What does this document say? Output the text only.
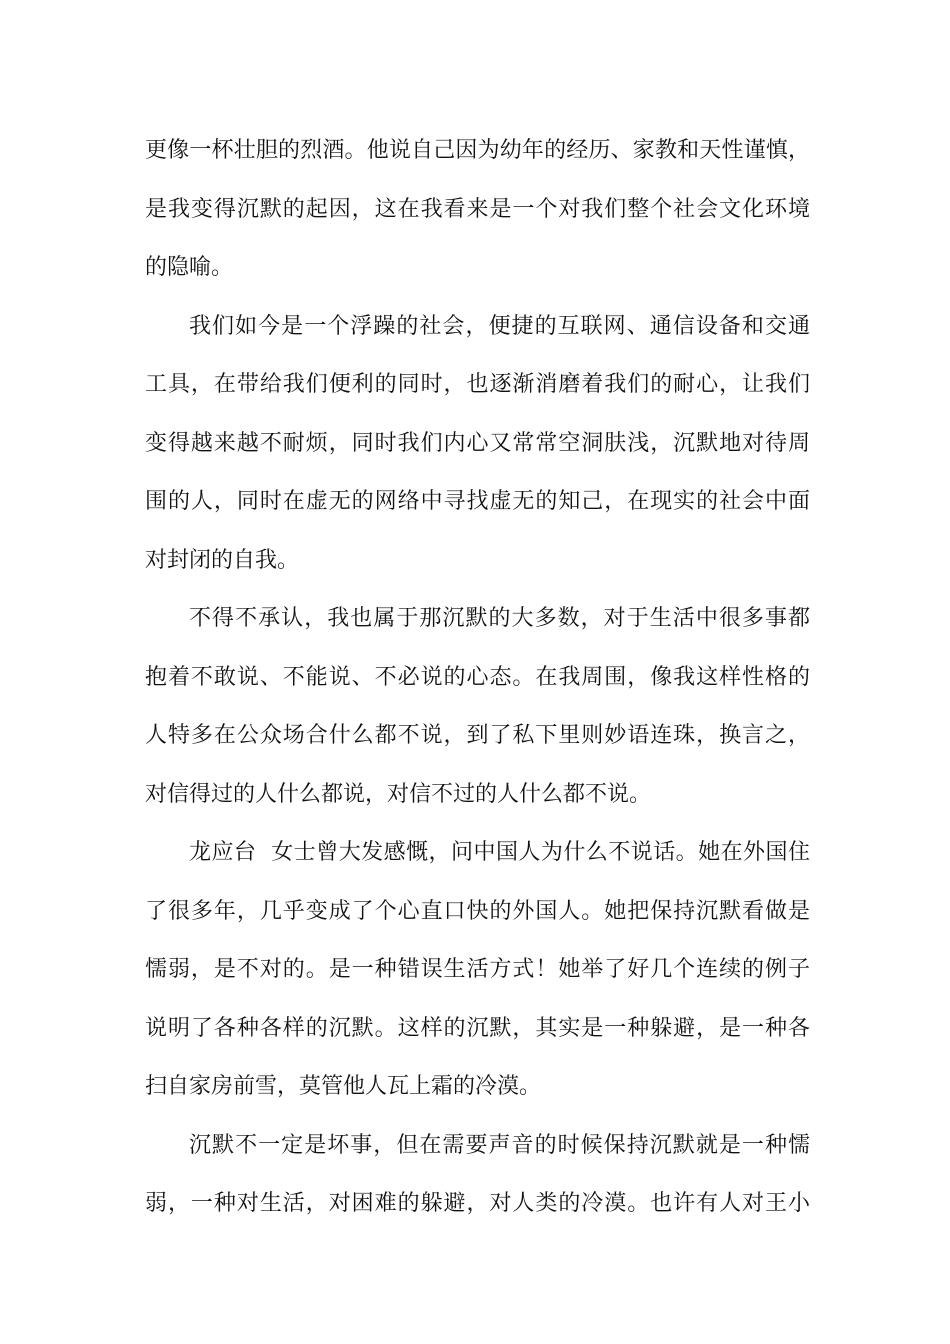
更像一杯壮胆的烈酒。他说自己因为幼年的经历、家教和天性谨慎，
是我变得沉默的起因，这在我看来是一个对我们整个社会文化环境
的隐喻。
我们如今是一个浮躁的社会，便捷的互联网、通信设备和交通
工具，在带给我们便利的同时，也逐渐消磨着我们的耐心，让我们
变得越来越不耐烦，同时我们内心又常常空洞肤浅，沉默地对待周
围的人，同时在虚无的网络中寻找虚无的知己，在现实的社会中面
对封闭的自我。
不得不承认，我也属于那沉默的大多数，对于生活中很多事都
抱着不敢说、不能说、不必说的心态。在我周围，像我这样性格的
人特多在公众场合什么都不说，到了私下里则妙语连珠，换言之，
对信得过的人什么都说，对信不过的人什么都不说。
龙应台  女士曾大发感慨，问中国人为什么不说话。她在外国住
了很多年，几乎变成了个心直口快的外国人。她把保持沉默看做是
懦弱，是不对的。是一种错误生活方式！她举了好几个连续的例子
说明了各种各样的沉默。这样的沉默，其实是一种躲避，是一种各
扫自家房前雪，莫管他人瓦上霜的冷漠。
沉默不一定是坏事，但在需要声音的时候保持沉默就是一种懦
弱，一种对生活，对困难的躲避，对人类的冷漠。也许有人对王小
